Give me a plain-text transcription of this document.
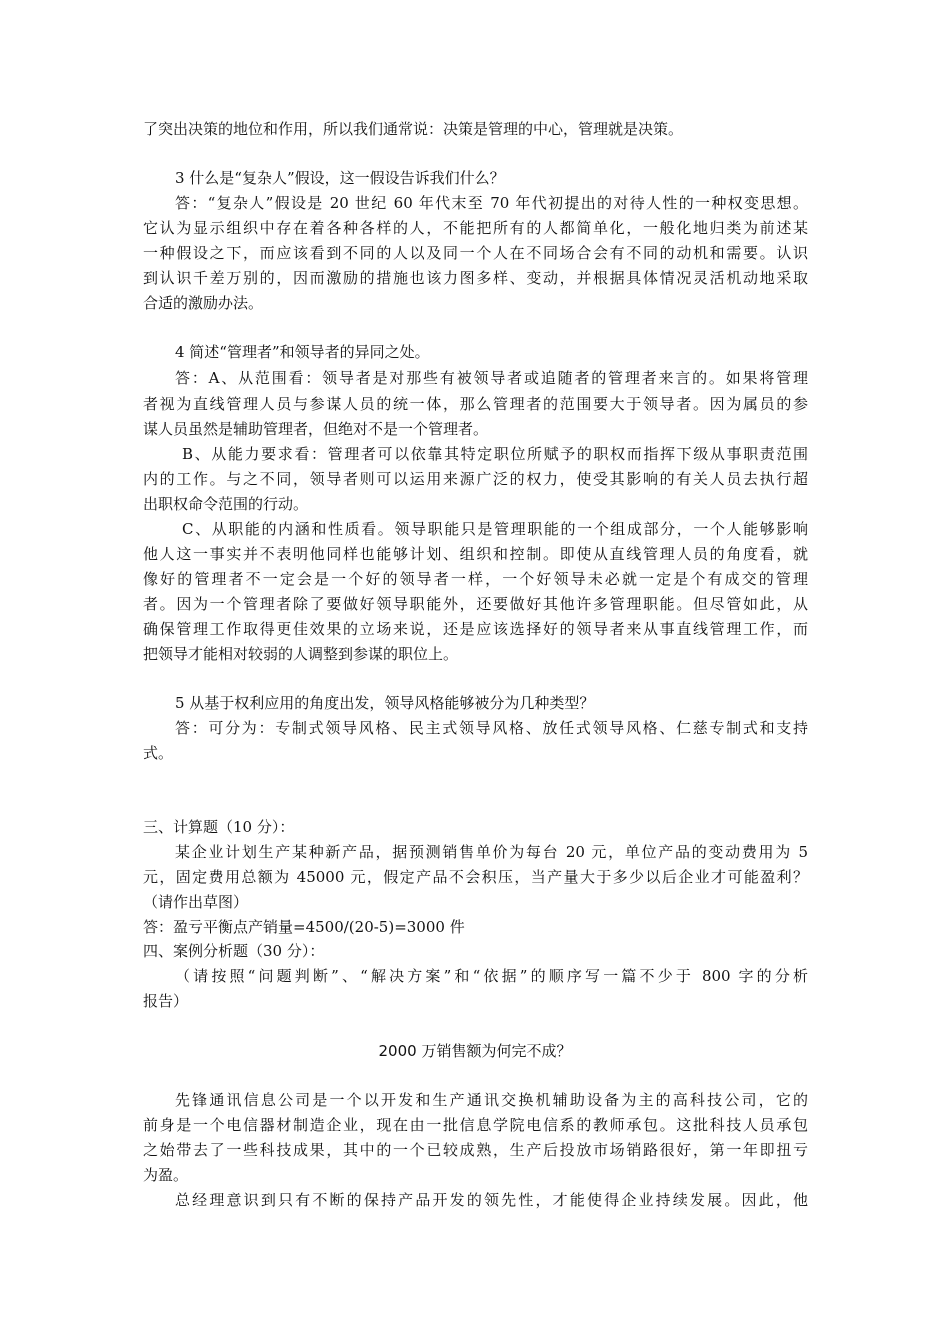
了突出决策的地位和作用，所以我们通常说：决策是管理的中心，管理就是决策。
3 什么是“复杂人”假设，这一假设告诉我们什么？
答：“复杂人”假设是 20 世纪 60 年代末至 70 年代初提出的对待人性的一种权变思想。
它认为显示组织中存在着各种各样的人，不能把所有的人都简单化，一般化地归类为前述某
一种假设之下，而应该看到不同的人以及同一个人在不同场合会有不同的动机和需要。认识
到认识千差万别的，因而激励的措施也该力图多样、变动，并根据具体情况灵活机动地采取
合适的激励办法。
4 简述“管理者”和领导者的异同之处。
答：A、从范围看：领导者是对那些有被领导者或追随者的管理者来言的。如果将管理
者视为直线管理人员与参谋人员的统一体，那么管理者的范围要大于领导者。因为属员的参
谋人员虽然是辅助管理者，但绝对不是一个管理者。
B、从能力要求看：管理者可以依靠其特定职位所赋予的职权而指挥下级从事职责范围
内的工作。与之不同，领导者则可以运用来源广泛的权力，使受其影响的有关人员去执行超
出职权命令范围的行动。
C、从职能的内涵和性质看。领导职能只是管理职能的一个组成部分，一个人能够影响
他人这一事实并不表明他同样也能够计划、组织和控制。即使从直线管理人员的角度看，就
像好的管理者不一定会是一个好的领导者一样，一个好领导未必就一定是个有成交的管理
者。因为一个管理者除了要做好领导职能外，还要做好其他许多管理职能。但尽管如此，从
确保管理工作取得更佳效果的立场来说，还是应该选择好的领导者来从事直线管理工作，而
把领导才能相对较弱的人调整到参谋的职位上。
5 从基于权利应用的角度出发，领导风格能够被分为几种类型？
答：可分为：专制式领导风格、民主式领导风格、放任式领导风格、仁慈专制式和支持
式。
三、计算题（10 分）：
某企业计划生产某种新产品，据预测销售单价为每台 20 元，单位产品的变动费用为 5
元，固定费用总额为 45000 元，假定产品不会积压，当产量大于多少以后企业才可能盈利？
（请作出草图）
答：盈亏平衡点产销量=4500/(20-5)=3000 件
四、案例分析题（30 分）：
（请按照“问题判断”、“解决方案”和“依据”的顺序写一篇不少于 800 字的分析
报告）
2000 万销售额为何完不成？
先锋通讯信息公司是一个以开发和生产通讯交换机辅助设备为主的高科技公司，它的
前身是一个电信器材制造企业，现在由一批信息学院电信系的教师承包。这批科技人员承包
之始带去了一些科技成果，其中的一个已较成熟，生产后投放市场销路很好，第一年即扭亏
为盈。
总经理意识到只有不断的保持产品开发的领先性，才能使得企业持续发展。因此，他
